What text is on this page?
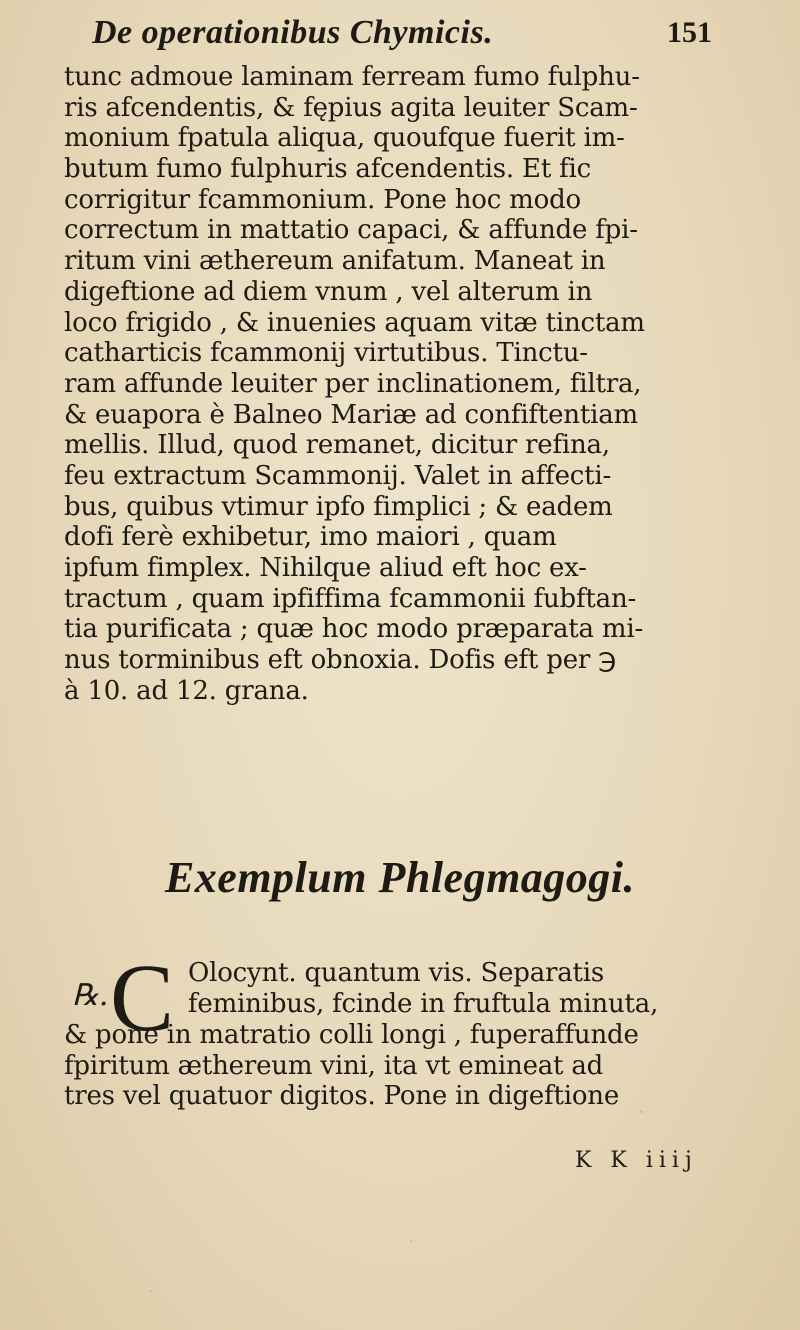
De operationibus Chymicis.	151
tunc admoue laminam ferream fumo fulphu-
ris afcendentis, & fępius agita leuiter Scam-
monium fpatula aliqua, quoufque fuerit im-
butum fumo fulphuris afcendentis. Et fic
corrigitur fcammonium. Pone hoc modo
correctum in mattatio capaci, & affunde fpi-
ritum vini æthereum anifatum. Maneat in
digeftione ad diem vnum , vel alterum in
loco frigido , & inuenies aquam vitæ tinctam
catharticis fcammonij virtutibus. Tinctu-
ram affunde leuiter per inclinationem, filtra,
& euapora è Balneo Mariæ ad confiftentiam
mellis. Illud, quod remanet, dicitur refina,
feu extractum Scammonij. Valet in affecti-
bus, quibus vtimur ipfo fimplici ; & eadem
dofi ferè exhibetur, imo maiori , quam
ipfum fimplex. Nihilque aliud eft hoc ex-
tractum , quam ipfiffima fcammonii fubftan-
tia purificata ; quæ hoc modo præparata mi-
nus torminibus eft obnoxia. Dofis eft per ℈
à 10. ad 12. grana.
Exemplum Phlegmagogi.
℞. C Olocynt. quantum vis. Separatis
feminibus, fcinde in fruftula minuta,
& pone in matratio colli longi , fuperaffunde
fpiritum æthereum vini, ita vt emineat ad
tres vel quatuor digitos. Pone in digeftione
K K iiij
